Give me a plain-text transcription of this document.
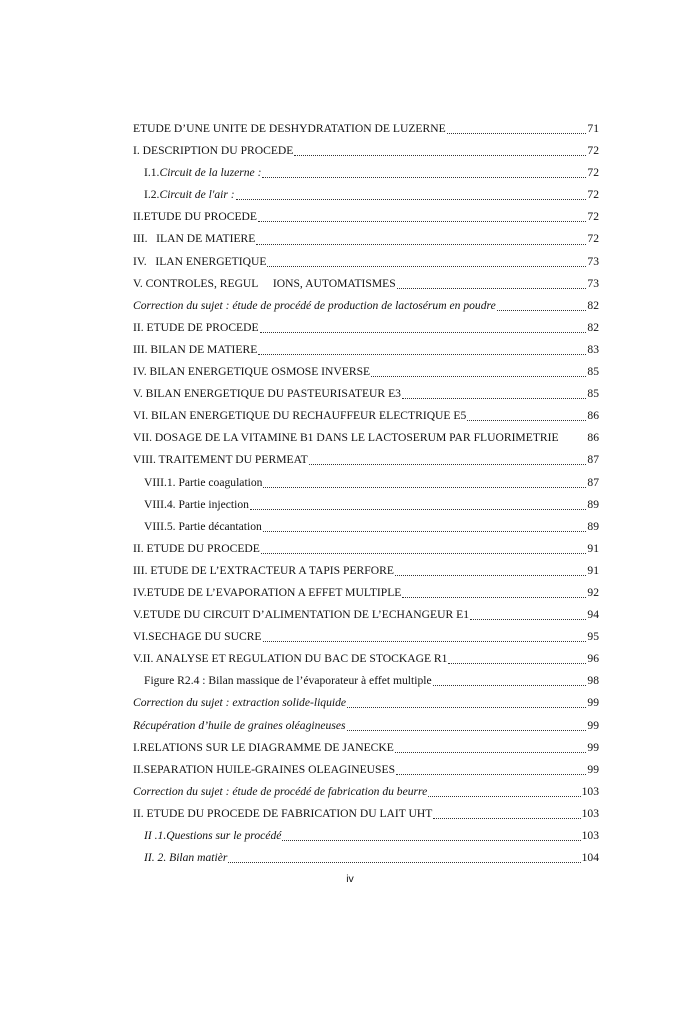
ETUDE D’UNE UNITE DE DESHYDRATATION DE LUZERNE	71
I. DESCRIPTION DU PROCEDE	72
I.1.Circuit de la luzerne :	72
I.2.Circuit de l'air :	72
II.ETUDE DU PROCEDE	72
III.   ILAN DE MATIERE	72
IV.   ILAN ENERGETIQUE	73
V. CONTROLES, REGUL     IONS, AUTOMATISMES	73
Correction du sujet : étude de procédé de production de lactosérum en poudre	82
II. ETUDE DE PROCEDE	82
III. BILAN DE MATIERE	83
IV. BILAN ENERGETIQUE OSMOSE INVERSE	85
V. BILAN ENERGETIQUE DU PASTEURISATEUR E3	85
VI. BILAN ENERGETIQUE DU RECHAUFFEUR ELECTRIQUE E5	86
VII. DOSAGE DE LA VITAMINE B1 DANS LE LACTOSERUM PAR FLUORIMETRIE 86
VIII. TRAITEMENT DU PERMEAT	87
VIII.1. Partie coagulation	87
VIII.4. Partie injection	89
VIII.5. Partie décantation	89
II. ETUDE DU PROCEDE	91
III. ETUDE DE L’EXTRACTEUR A TAPIS PERFORE	91
IV.ETUDE DE L’EVAPORATION A EFFET MULTIPLE	92
V.ETUDE DU CIRCUIT D’ALIMENTATION DE L’ECHANGEUR E1	94
VI.SECHAGE DU SUCRE	95
V.II. ANALYSE ET REGULATION DU BAC DE STOCKAGE R1	96
Figure R2.4 : Bilan massique de l’évaporateur à effet multiple	98
Correction du sujet : extraction solide-liquide	99
Récupération d’huile de graines oléagineuses	99
I.RELATIONS SUR LE DIAGRAMME DE JANECKE	99
II.SEPARATION HUILE-GRAINES OLEAGINEUSES	99
Correction du sujet : étude de procédé de fabrication du beurre	103
II. ETUDE DU PROCEDE DE FABRICATION DU LAIT UHT	103
II .1.Questions sur le procédé	103
II. 2. Bilan matièr	104
iv
